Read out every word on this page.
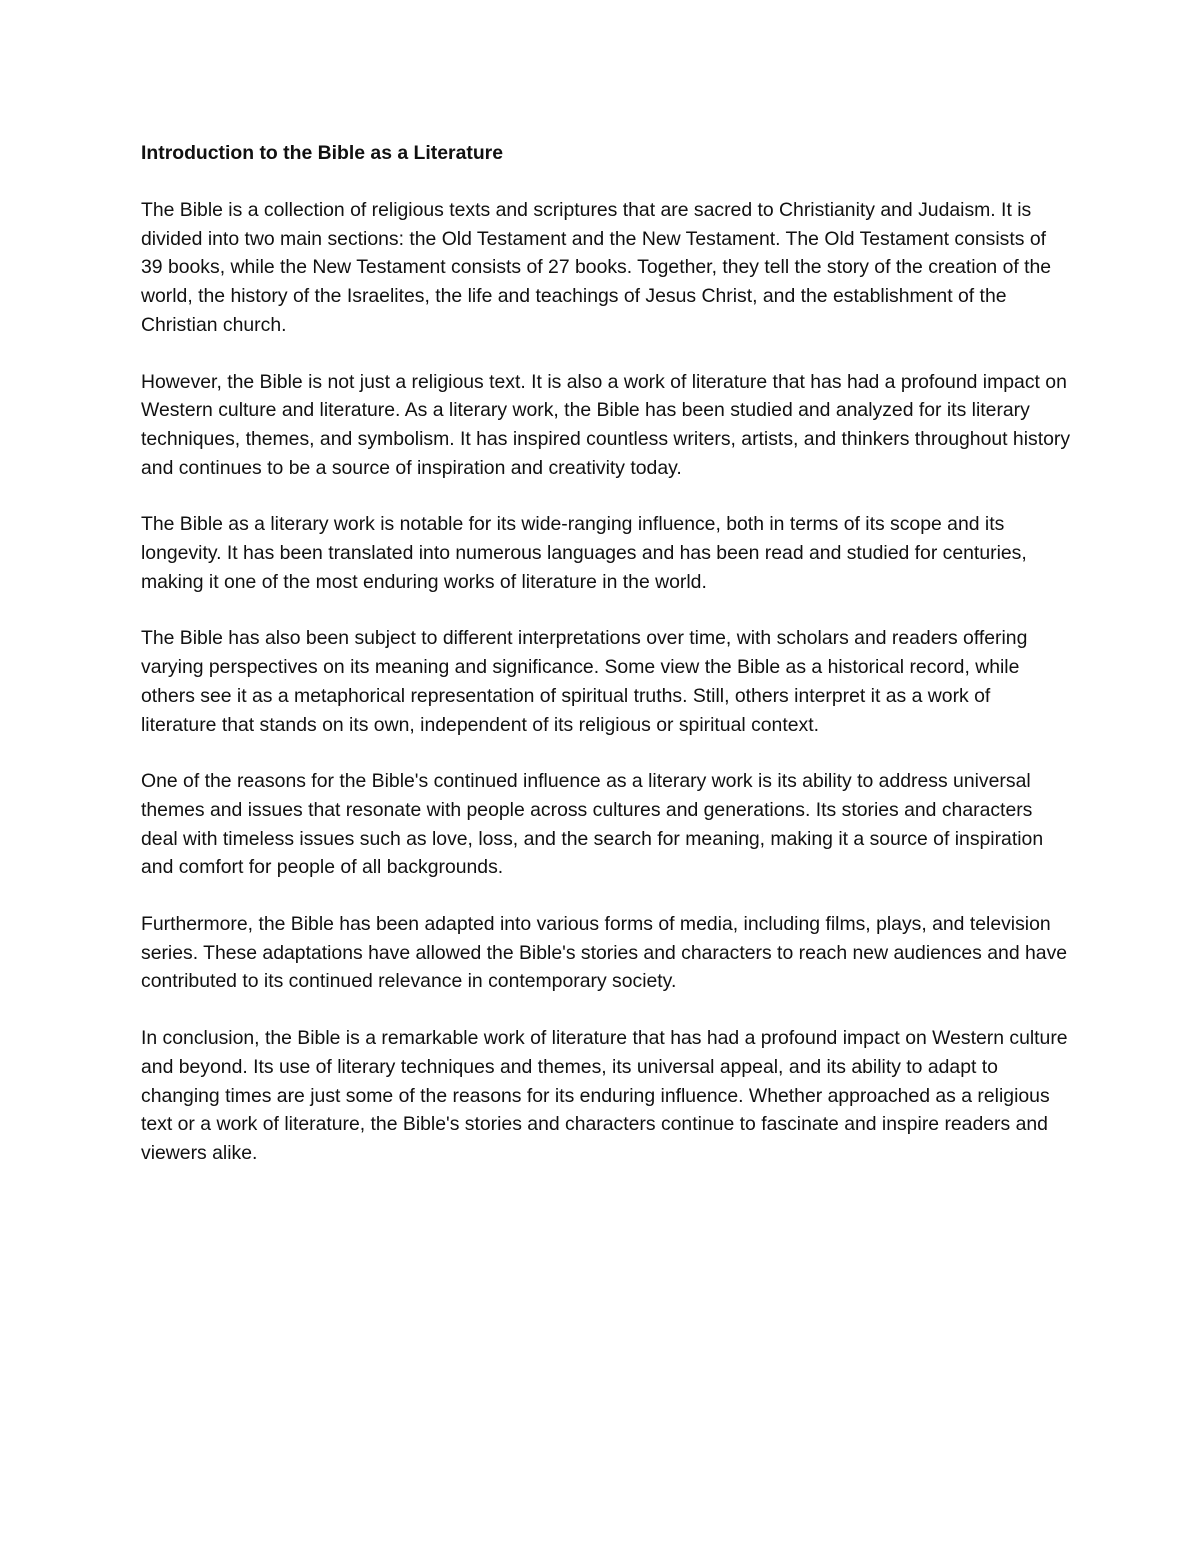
Introduction to the Bible as a Literature

The Bible is a collection of religious texts and scriptures that are sacred to Christianity and Judaism. It is divided into two main sections: the Old Testament and the New Testament. The Old Testament consists of 39 books, while the New Testament consists of 27 books. Together, they tell the story of the creation of the world, the history of the Israelites, the life and teachings of Jesus Christ, and the establishment of the Christian church.

However, the Bible is not just a religious text. It is also a work of literature that has had a profound impact on Western culture and literature. As a literary work, the Bible has been studied and analyzed for its literary techniques, themes, and symbolism. It has inspired countless writers, artists, and thinkers throughout history and continues to be a source of inspiration and creativity today.

The Bible as a literary work is notable for its wide-ranging influence, both in terms of its scope and its longevity. It has been translated into numerous languages and has been read and studied for centuries, making it one of the most enduring works of literature in the world.

The Bible has also been subject to different interpretations over time, with scholars and readers offering varying perspectives on its meaning and significance. Some view the Bible as a historical record, while others see it as a metaphorical representation of spiritual truths. Still, others interpret it as a work of literature that stands on its own, independent of its religious or spiritual context.

One of the reasons for the Bible's continued influence as a literary work is its ability to address universal themes and issues that resonate with people across cultures and generations. Its stories and characters deal with timeless issues such as love, loss, and the search for meaning, making it a source of inspiration and comfort for people of all backgrounds.

Furthermore, the Bible has been adapted into various forms of media, including films, plays, and television series. These adaptations have allowed the Bible's stories and characters to reach new audiences and have contributed to its continued relevance in contemporary society.

In conclusion, the Bible is a remarkable work of literature that has had a profound impact on Western culture and beyond. Its use of literary techniques and themes, its universal appeal, and its ability to adapt to changing times are just some of the reasons for its enduring influence. Whether approached as a religious text or a work of literature, the Bible's stories and characters continue to fascinate and inspire readers and viewers alike.
